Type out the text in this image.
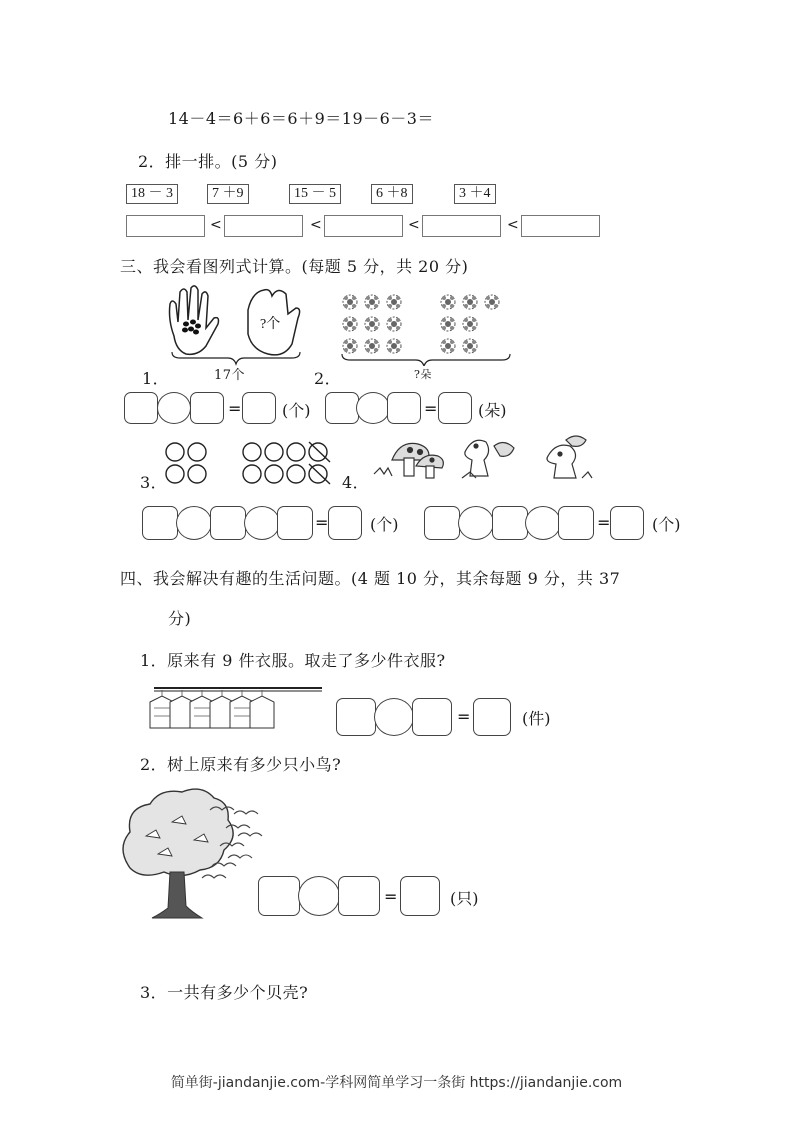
14－4＝6＋6＝6＋9＝19－6－3＝
2．排一排。(5 分)
18 － 3	7 ＋9	15 － 5	6 ＋8	3 ＋4
<	<	<	<
三、我会看图列式计算。(每题 5 分，共 20 分)
?个
17个
1．	?朵
2．
=	(个)	=	(朵)
3．	4．
=	(个)	=	(个)
四、我会解决有趣的生活问题。(4 题 10 分，其余每题 9 分，共 37
分)
1．原来有 9 件衣服。取走了多少件衣服?
=	(件)
2．树上原来有多少只小鸟?
=	(只)
3．一共有多少个贝壳?
简单街-jiandanjie.com-学科网简单学习一条街 https://jiandanjie.com
